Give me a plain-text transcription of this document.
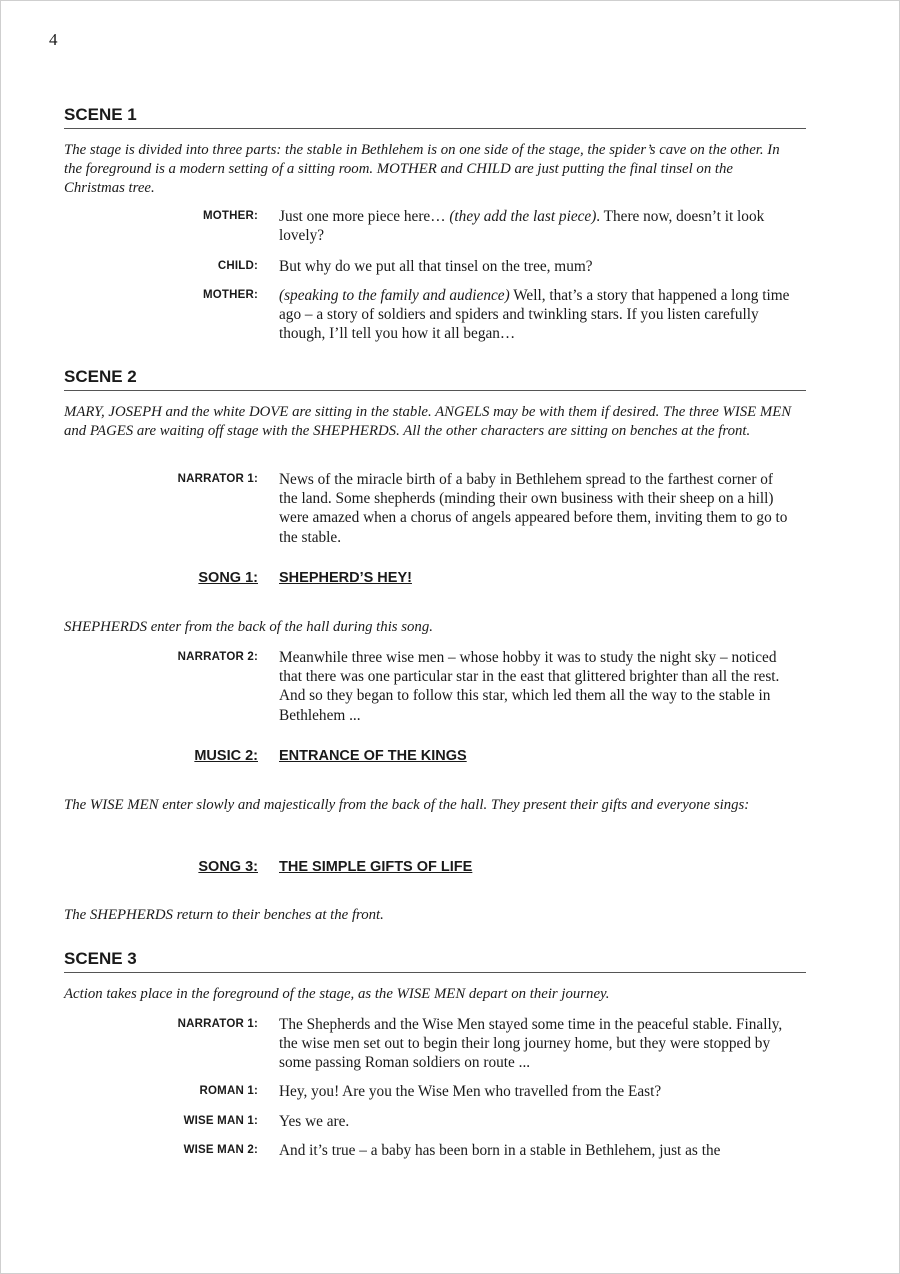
4
SCENE 1
The stage is divided into three parts: the stable in Bethlehem is on one side of the stage, the spider’s cave on the other. In the foreground is a modern setting of a sitting room. MOTHER and CHILD are just putting the final tinsel on the Christmas tree.
MOTHER: Just one more piece here… (they add the last piece). There now, doesn’t it look lovely?
CHILD: But why do we put all that tinsel on the tree, mum?
MOTHER: (speaking to the family and audience) Well, that’s a story that happened a long time ago – a story of soldiers and spiders and twinkling stars. If you listen carefully though, I’ll tell you how it all began…
SCENE 2
MARY, JOSEPH and the white DOVE are sitting in the stable. ANGELS may be with them if desired. The three WISE MEN and PAGES are waiting off stage with the SHEPHERDS. All the other characters are sitting on benches at the front.
NARRATOR 1: News of the miracle birth of a baby in Bethlehem spread to the farthest corner of the land. Some shepherds (minding their own business with their sheep on a hill) were amazed when a chorus of angels appeared before them, inviting them to go to the stable.
SONG 1: SHEPHERD’S HEY!
SHEPHERDS enter from the back of the hall during this song.
NARRATOR 2: Meanwhile three wise men – whose hobby it was to study the night sky – noticed that there was one particular star in the east that glittered brighter than all the rest. And so they began to follow this star, which led them all the way to the stable in Bethlehem ...
MUSIC 2: ENTRANCE OF THE KINGS
The WISE MEN enter slowly and majestically from the back of the hall. They present their gifts and everyone sings:
SONG 3: THE SIMPLE GIFTS OF LIFE
The SHEPHERDS return to their benches at the front.
SCENE 3
Action takes place in the foreground of the stage, as the WISE MEN depart on their journey.
NARRATOR 1: The Shepherds and the Wise Men stayed some time in the peaceful stable. Finally, the wise men set out to begin their long journey home, but they were stopped by some passing Roman soldiers on route ...
ROMAN 1: Hey, you! Are you the Wise Men who travelled from the East?
WISE MAN 1: Yes we are.
WISE MAN 2: And it’s true – a baby has been born in a stable in Bethlehem, just as the
